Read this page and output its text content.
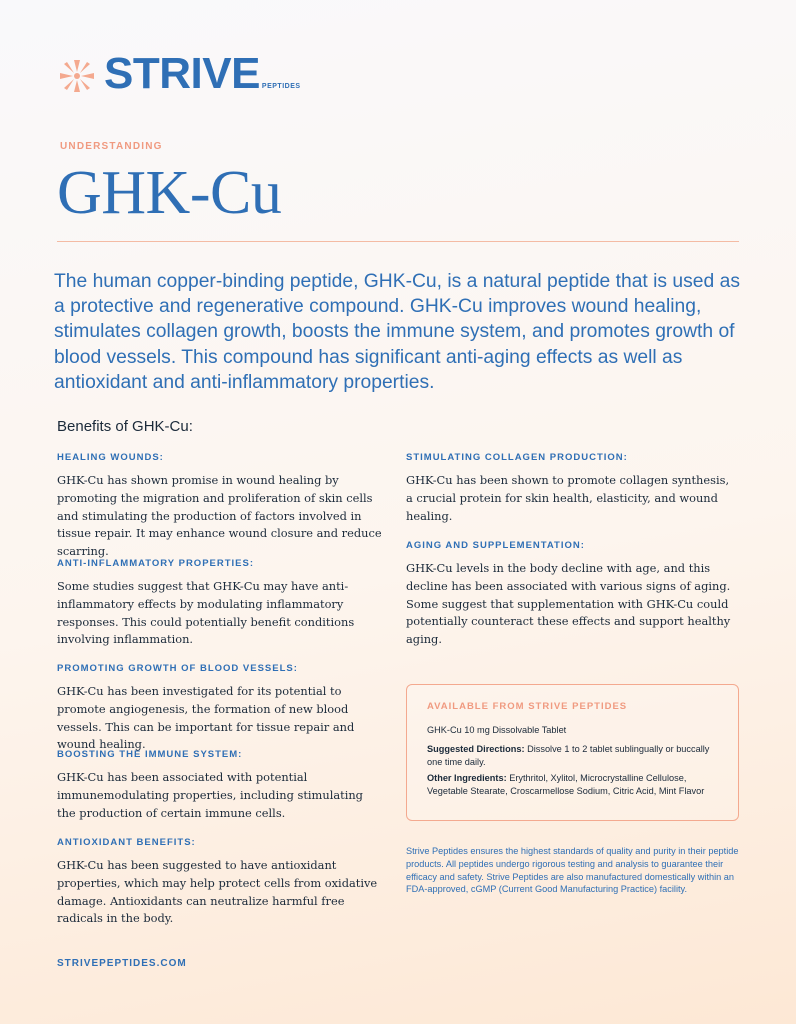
STRIVE PEPTIDES
UNDERSTANDING
GHK-Cu

The human copper-binding peptide, GHK-Cu, is a natural peptide that is used as a protective and regenerative compound. GHK-Cu improves wound healing, stimulates collagen growth, boosts the immune system, and promotes growth of blood vessels. This compound has significant anti-aging effects as well as antioxidant and anti-inflammatory properties.

Benefits of GHK-Cu:
HEALING WOUNDS:

GHK-Cu has shown promise in wound healing by promoting the migration and proliferation of skin cells and stimulating the production of factors involved in tissue repair. It may enhance wound closure and reduce scarring.

ANTI-INFLAMMATORY PROPERTIES:

Some studies suggest that GHK-Cu may have anti-inflammatory effects by modulating inflammatory responses. This could potentially benefit conditions involving inflammation.

PROMOTING GROWTH OF BLOOD VESSELS:

GHK-Cu has been investigated for its potential to promote angiogenesis, the formation of new blood vessels. This can be important for tissue repair and wound healing.

BOOSTING THE IMMUNE SYSTEM:

GHK-Cu has been associated with potential immunemodulating properties, including stimulating the production of certain immune cells.

ANTIOXIDANT BENEFITS:

GHK-Cu has been suggested to have antioxidant properties, which may help protect cells from oxidative damage. Antioxidants can neutralize harmful free radicals in the body.

STIMULATING COLLAGEN PRODUCTION:

GHK-Cu has been shown to promote collagen synthesis, a crucial protein for skin health, elasticity, and wound healing.

AGING AND SUPPLEMENTATION:

GHK-Cu levels in the body decline with age, and this decline has been associated with various signs of aging. Some suggest that supplementation with GHK-Cu could potentially counteract these effects and support healthy aging.

AVAILABLE FROM STRIVE PEPTIDES
GHK-Cu 10 mg Dissolvable Tablet
Suggested Directions: Dissolve 1 to 2 tablet sublingually or buccally one time daily.
Other Ingredients: Erythritol, Xylitol, Microcrystalline Cellulose, Vegetable Stearate, Croscarmellose Sodium, Citric Acid, Mint Flavor

Strive Peptides ensures the highest standards of quality and purity in their peptide products. All peptides undergo rigorous testing and analysis to guarantee their efficacy and safety. Strive Peptides are also manufactured domestically within an FDA-approved, cGMP (Current Good Manufacturing Practice) facility.

STRIVEPEPTIDES.COM
